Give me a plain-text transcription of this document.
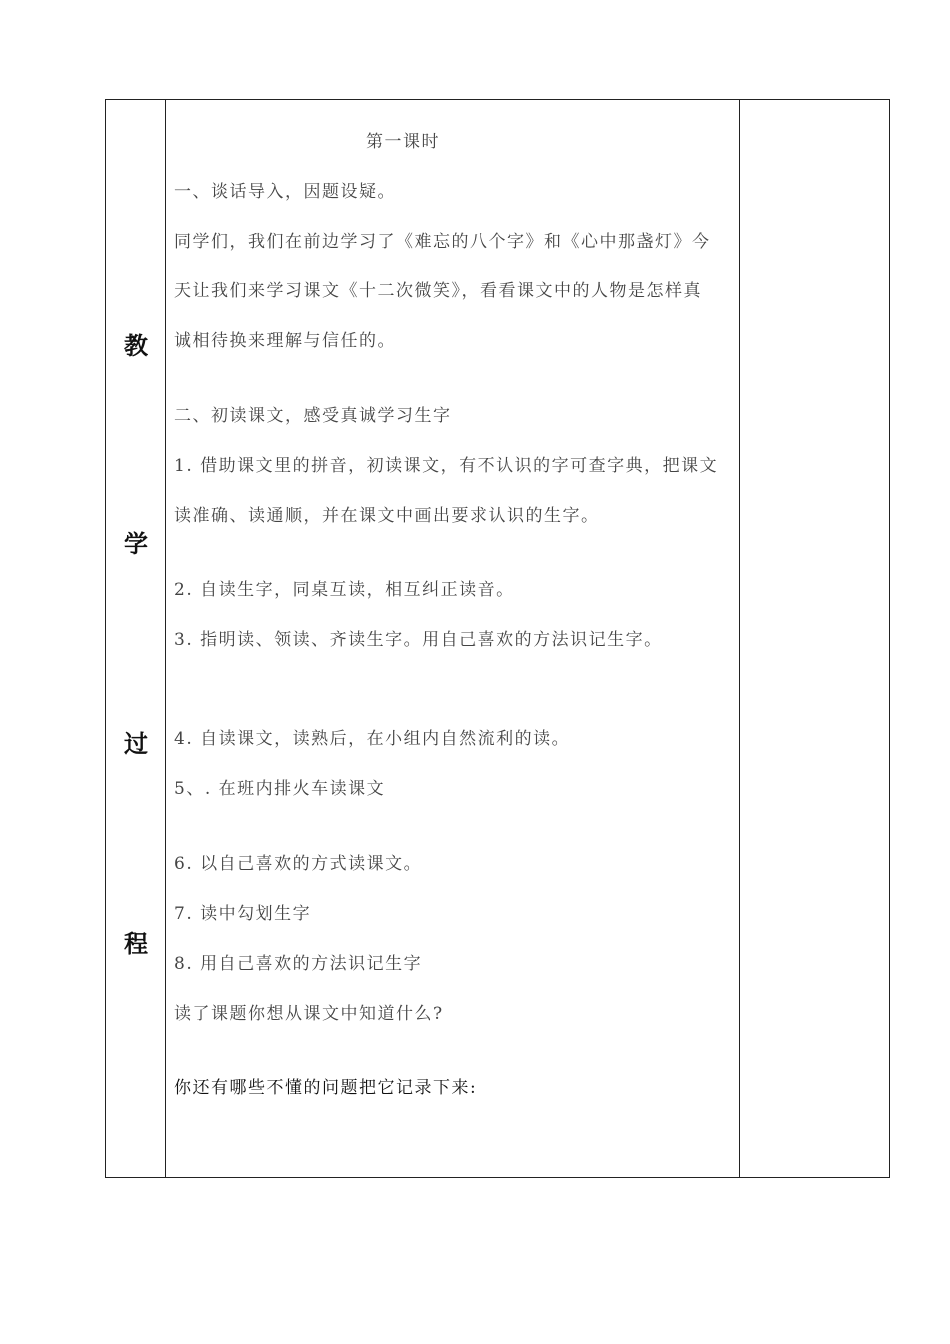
教
学
过
程
第一课时
一、谈话导入，因题设疑。
同学们，我们在前边学习了《难忘的八个字》和《心中那盏灯》今
天让我们来学习课文《十二次微笑》，看看课文中的人物是怎样真
诚相待换来理解与信任的。
二、初读课文，感受真诚学习生字
1. 借助课文里的拼音，初读课文，有不认识的字可查字典，把课文
读准确、读通顺，并在课文中画出要求认识的生字。
2. 自读生字，同桌互读，相互纠正读音。
3. 指明读、领读、齐读生字。用自己喜欢的方法识记生字。
4. 自读课文，读熟后，在小组内自然流利的读。
5、. 在班内排火车读课文
6. 以自己喜欢的方式读课文。
7. 读中勾划生字
8. 用自己喜欢的方法识记生字
读了课题你想从课文中知道什么?
你还有哪些不懂的问题把它记录下来:
